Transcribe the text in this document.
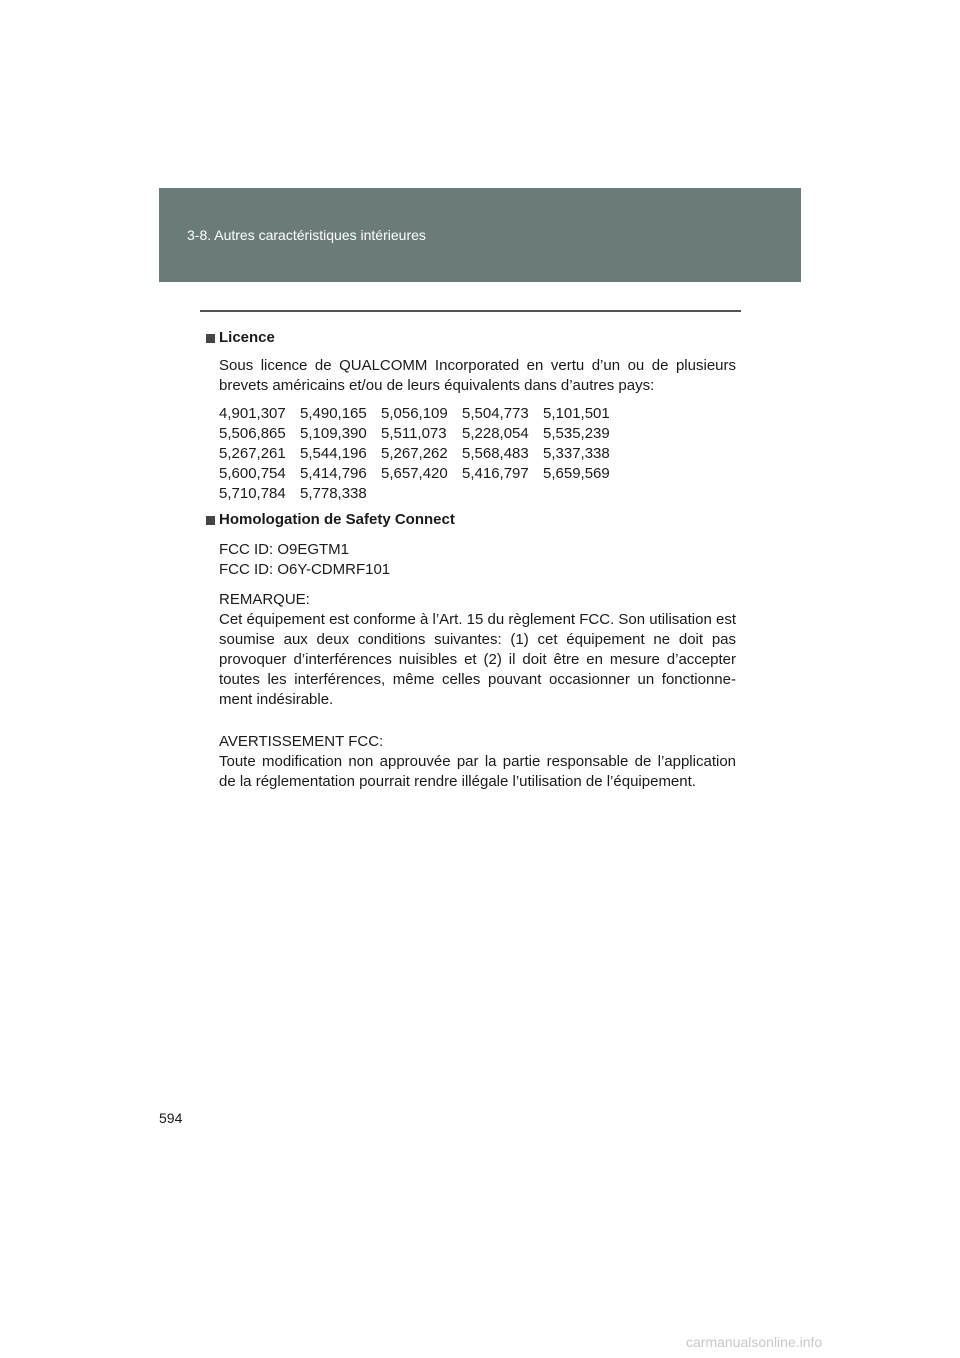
3-8. Autres caractéristiques intérieures

Licence

Sous licence de QUALCOMM Incorporated en vertu d’un ou de plusieurs brevets américains et/ou de leurs équivalents dans d’autres pays:

4,901,307 5,490,165 5,056,109 5,504,773 5,101,501
5,506,865 5,109,390 5,511,073	5,228,054 5,535,239
5,267,261 5,544,196 5,267,262 5,568,483 5,337,338
5,600,754 5,414,796 5,657,420 5,416,797 5,659,569
5,710,784 5,778,338

Homologation de Safety Connect

FCC ID: O9EGTM1
FCC ID: O6Y-CDMRF101

REMARQUE:
Cet équipement est conforme à l’Art. 15 du règlement FCC. Son utilisation est soumise aux deux conditions suivantes: (1) cet équipement ne doit pas provoquer d’interférences nuisibles et (2) il doit être en mesure d’accepter toutes les interférences, même celles pouvant occasionner un fonctionne-ment indésirable.

AVERTISSEMENT FCC:
Toute modification non approuvée par la partie responsable de l’application de la réglementation pourrait rendre illégale l’utilisation de l’équipement.

594
carmanualsonline.info
